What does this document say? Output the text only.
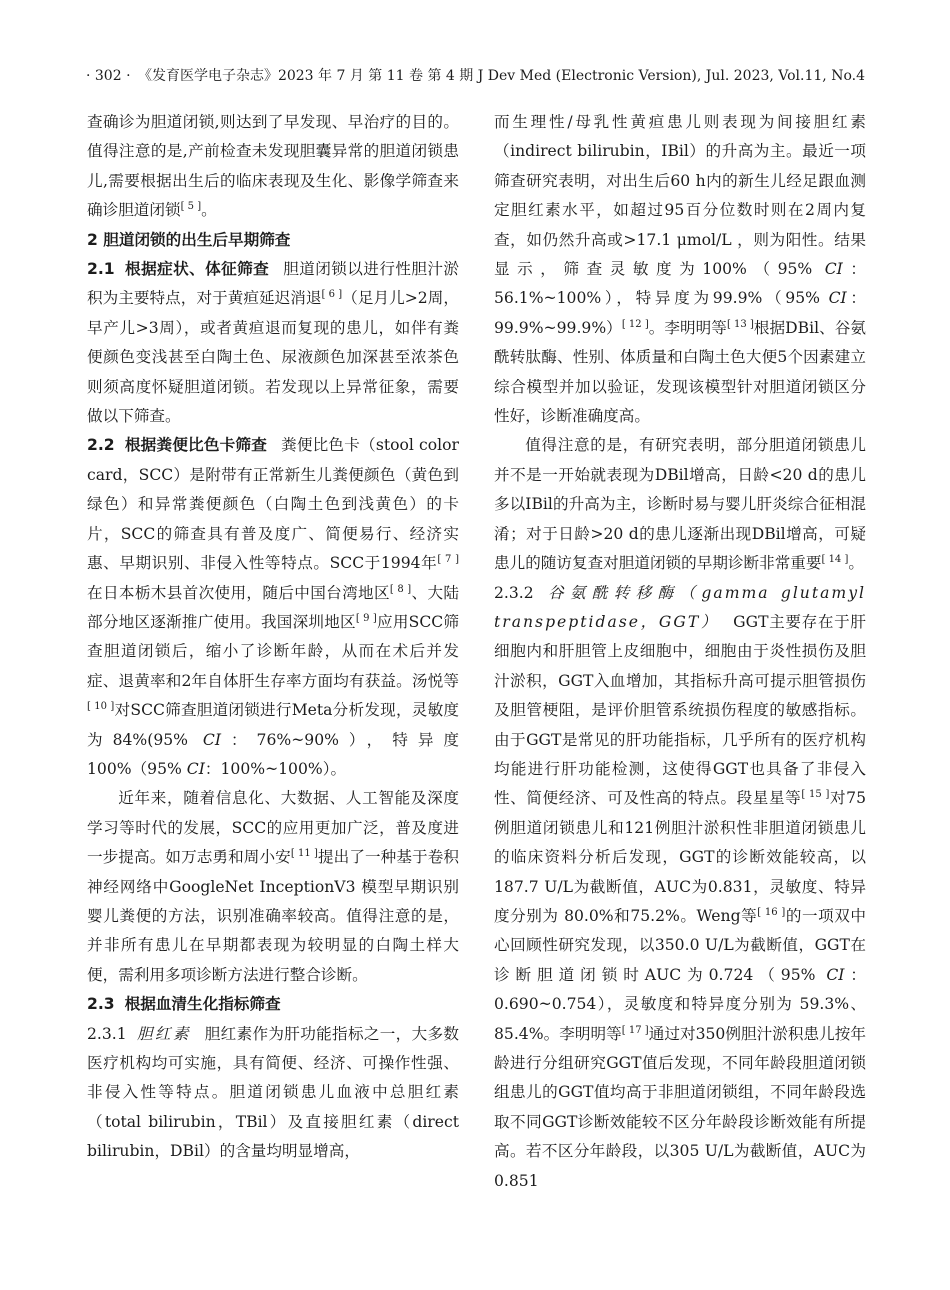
· 302 · 《发育医学电子杂志》2023 年 7 月 第 11 卷 第 4 期 J Dev Med (Electronic Version), Jul. 2023, Vol.11, No.4

查确诊为胆道闭锁,则达到了早发现、早治疗的目的。值得注意的是,产前检查未发现胆囊异常的胆道闭锁患儿,需要根据出生后的临床表现及生化、影像学筛查来确诊胆道闭锁[ 5 ]。

2 胆道闭锁的出生后早期筛查

2.1 根据症状、体征筛查 胆道闭锁以进行性胆汁淤积为主要特点，对于黄疸延迟消退[ 6 ]（足月儿>2周，早产儿>3周），或者黄疸退而复现的患儿，如伴有粪便颜色变浅甚至白陶土色、尿液颜色加深甚至浓茶色则须高度怀疑胆道闭锁。若发现以上异常征象，需要做以下筛查。

2.2 根据粪便比色卡筛查 粪便比色卡（stool color card，SCC）是附带有正常新生儿粪便颜色（黄色到绿色）和异常粪便颜色（白陶土色到浅黄色）的卡片，SCC的筛查具有普及度广、简便易行、经济实惠、早期识别、非侵入性等特点。SCC于1994年[ 7 ]在日本栃木县首次使用，随后中国台湾地区[ 8 ]、大陆部分地区逐渐推广使用。我国深圳地区[ 9 ]应用SCC筛查胆道闭锁后，缩小了诊断年龄，从而在术后并发症、退黄率和2年自体肝生存率方面均有获益。汤悦等[ 10 ]对SCC筛查胆道闭锁进行Meta分析发现，灵敏度为84%(95% CI：76%~90%），特异度100%（95% CI：100%~100%）。

近年来，随着信息化、大数据、人工智能及深度学习等时代的发展，SCC的应用更加广泛，普及度进一步提高。如万志勇和周小安[ 11 ]提出了一种基于卷积神经网络中GoogleNet InceptionV3 模型早期识别婴儿粪便的方法，识别准确率较高。值得注意的是，并非所有患儿在早期都表现为较明显的白陶土样大便，需利用多项诊断方法进行整合诊断。

2.3 根据血清生化指标筛查

2.3.1 胆红素 胆红素作为肝功能指标之一，大多数医疗机构均可实施，具有简便、经济、可操作性强、非侵入性等特点。胆道闭锁患儿血液中总胆红素（total bilirubin，TBil）及直接胆红素（direct bilirubin，DBil）的含量均明显增高，

而生理性/母乳性黄疸患儿则表现为间接胆红素（indirect bilirubin，IBil）的升高为主。最近一项筛查研究表明，对出生后60 h内的新生儿经足跟血测定胆红素水平，如超过95百分位数时则在2周内复查，如仍然升高或>17.1 μmol/L ，则为阳性。结果显示，筛查灵敏度为100%（95% CI：56.1%~100%），特异度为99.9%（95% CI：99.9%~99.9%）[ 12 ]。李明明等[ 13 ]根据DBil、谷氨酰转肽酶、性别、体质量和白陶土色大便5个因素建立综合模型并加以验证，发现该模型针对胆道闭锁区分性好，诊断准确度高。

值得注意的是，有研究表明，部分胆道闭锁患儿并不是一开始就表现为DBil增高，日龄<20 d的患儿多以IBil的升高为主，诊断时易与婴儿肝炎综合征相混淆；对于日龄>20 d的患儿逐渐出现DBil增高，可疑患儿的随访复查对胆道闭锁的早期诊断非常重要[ 14 ]。

2.3.2 谷氨酰转移酶（gamma glutamyl transpeptidase，GGT） GGT主要存在于肝细胞内和肝胆管上皮细胞中，细胞由于炎性损伤及胆汁淤积，GGT入血增加，其指标升高可提示胆管损伤及胆管梗阻，是评价胆管系统损伤程度的敏感指标。由于GGT是常见的肝功能指标，几乎所有的医疗机构均能进行肝功能检测，这使得GGT也具备了非侵入性、简便经济、可及性高的特点。段星星等[ 15 ]对75例胆道闭锁患儿和121例胆汁淤积性非胆道闭锁患儿的临床资料分析后发现，GGT的诊断效能较高，以187.7 U/L为截断值，AUC为0.831，灵敏度、特异度分别为 80.0%和75.2%。Weng等[ 16 ]的一项双中心回顾性研究发现，以350.0 U/L为截断值，GGT在诊断胆道闭锁时AUC为0.724（95% CI：0.690~0.754），灵敏度和特异度分别为 59.3%、85.4%。李明明等[ 17 ]通过对350例胆汁淤积患儿按年龄进行分组研究GGT值后发现，不同年龄段胆道闭锁组患儿的GGT值均高于非胆道闭锁组，不同年龄段选取不同GGT诊断效能较不区分年龄段诊断效能有所提高。若不区分年龄段，以305 U/L为截断值，AUC为0.851
